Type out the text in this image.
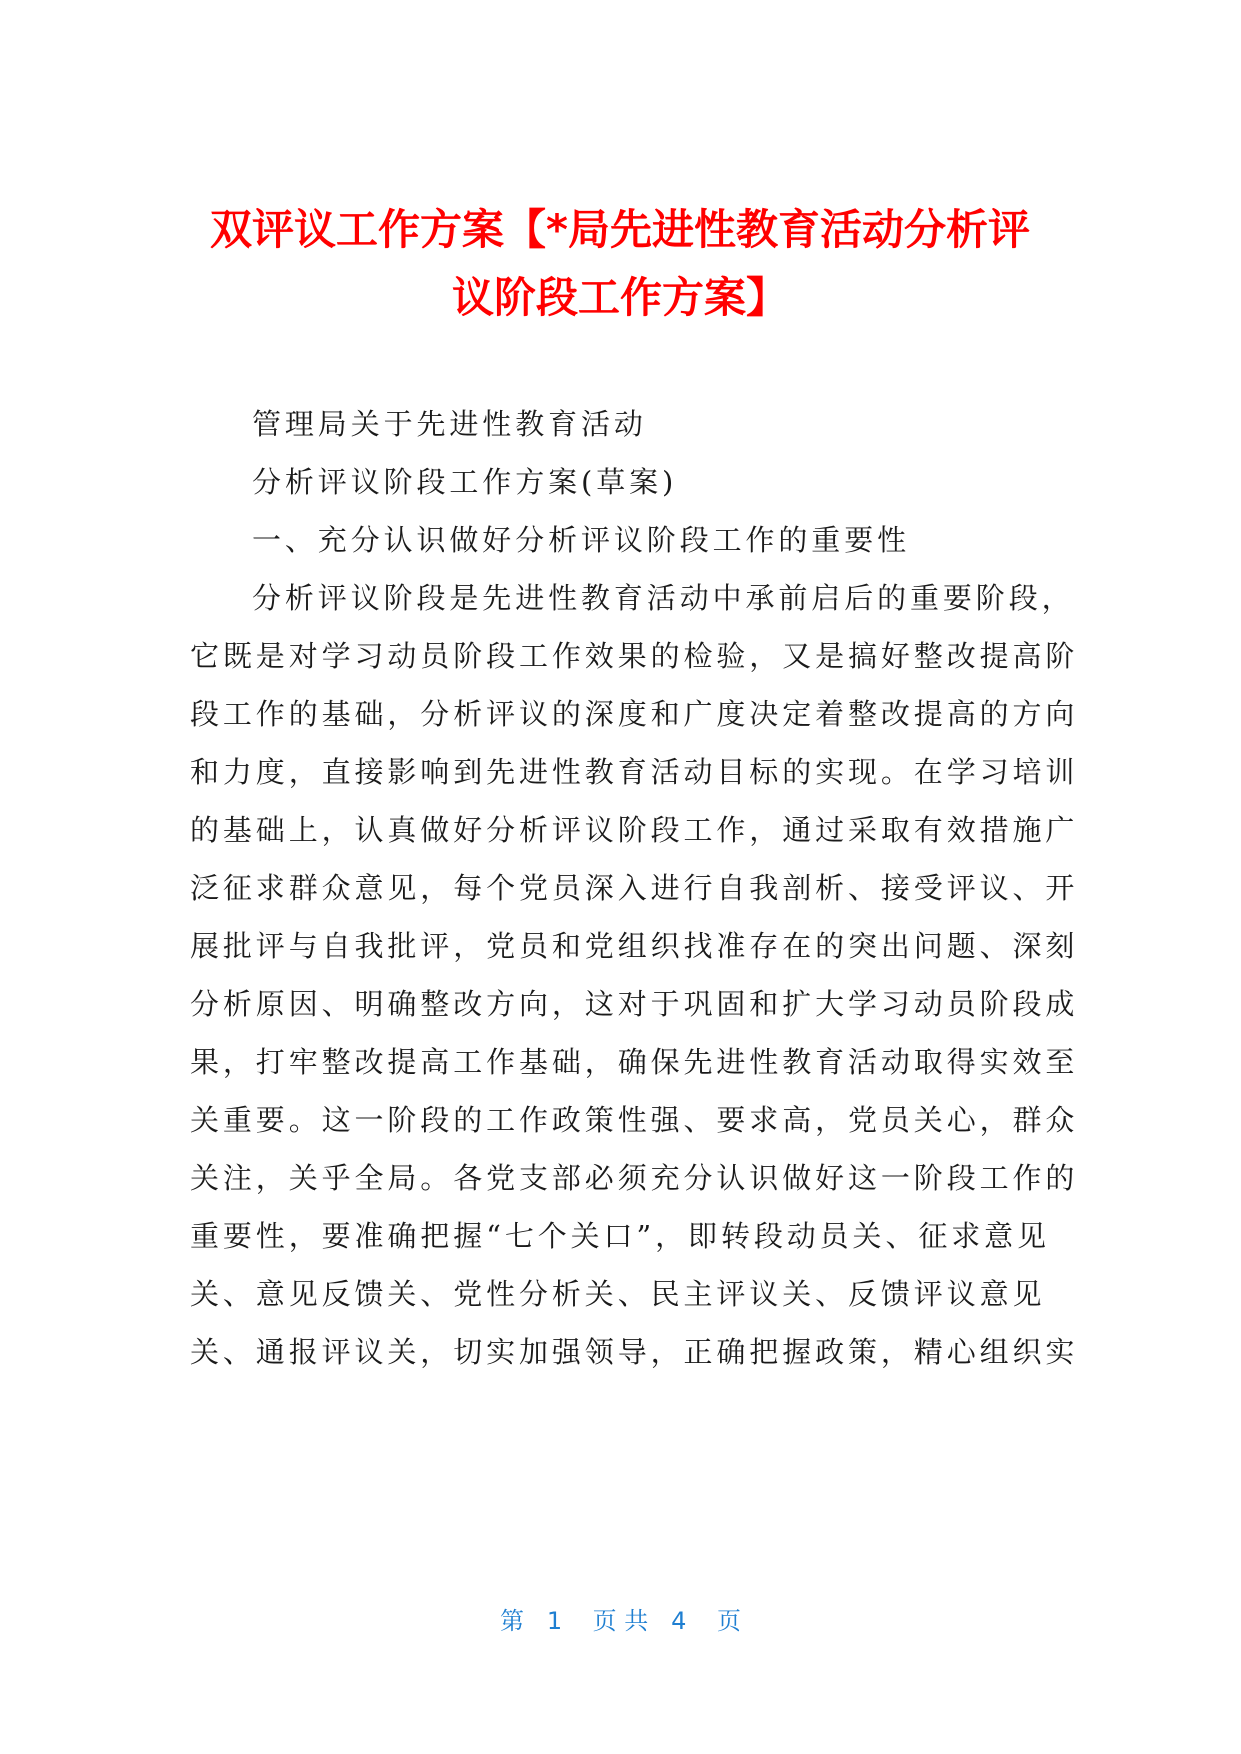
双评议工作方案【*局先进性教育活动分析评
议阶段工作方案】
管理局关于先进性教育活动
分析评议阶段工作方案(草案)
一、充分认识做好分析评议阶段工作的重要性
分析评议阶段是先进性教育活动中承前启后的重要阶段，
它既是对学习动员阶段工作效果的检验，又是搞好整改提高阶
段工作的基础，分析评议的深度和广度决定着整改提高的方向
和力度，直接影响到先进性教育活动目标的实现。在学习培训
的基础上，认真做好分析评议阶段工作，通过采取有效措施广
泛征求群众意见，每个党员深入进行自我剖析、接受评议、开
展批评与自我批评，党员和党组织找准存在的突出问题、深刻
分析原因、明确整改方向，这对于巩固和扩大学习动员阶段成
果，打牢整改提高工作基础，确保先进性教育活动取得实效至
关重要。这一阶段的工作政策性强、要求高，党员关心，群众
关注，关乎全局。各党支部必须充分认识做好这一阶段工作的
重要性，要准确把握“七个关口”，即转段动员关、征求意见
关、意见反馈关、党性分析关、民主评议关、反馈评议意见
关、通报评议关，切实加强领导，正确把握政策，精心组织实
第   1    页 共   4    页
